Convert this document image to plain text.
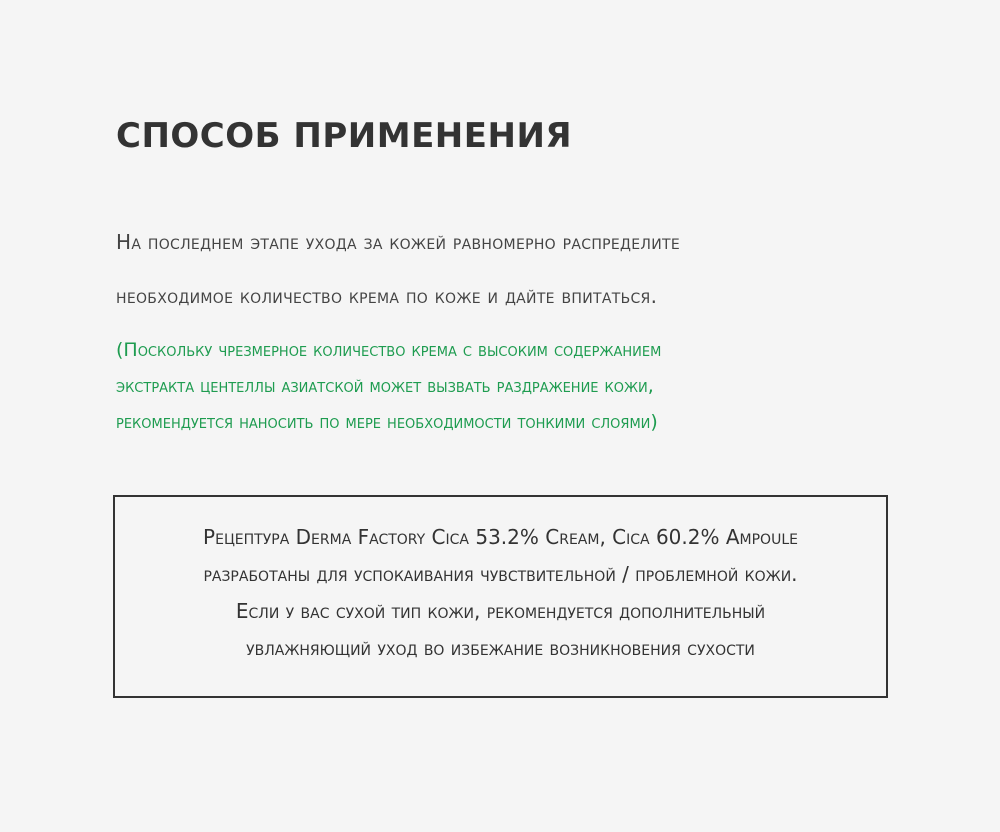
СПОСОБ ПРИМЕНЕНИЯ
На последнем этапе ухода за кожей равномерно распределите
необходимое количество крема по коже и дайте впитаться.
(Поскольку чрезмерное количество крема с высоким содержанием
экстракта центеллы азиатской может вызвать раздражение кожи,
рекомендуется наносить по мере необходимости тонкими слоями)
Рецептура Derma Factory Cica 53.2% Cream, Cica 60.2% Ampoule
разработаны для успокаивания чувствительной / проблемной кожи.
Если у вас сухой тип кожи, рекомендуется дополнительный
увлажняющий уход во избежание возникновения сухости
